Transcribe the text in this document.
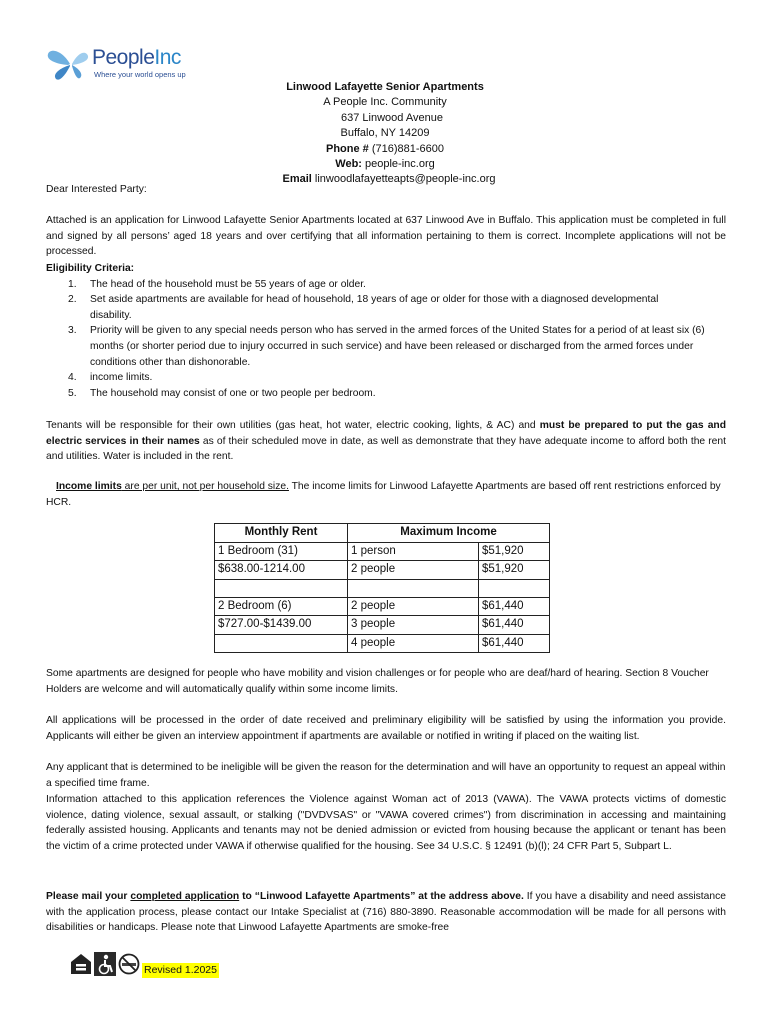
PeopleInc
Where your world opens up
Linwood Lafayette Senior Apartments
A People Inc. Community
637 Linwood Avenue
Buffalo, NY 14209
Phone # (716)881-6600
Web: people-inc.org
Email linwoodlafayetteapts@people-inc.org
Dear Interested Party:
Attached is an application for Linwood Lafayette Senior Apartments located at 637 Linwood Ave in Buffalo. This application must be completed in full and signed by all persons’ aged 18 years and over certifying that all information pertaining to them is correct. Incomplete applications will not be processed.
Eligibility Criteria:
1. The head of the household must be 55 years of age or older.
2. Set aside apartments are available for head of household, 18 years of age or older for those with a diagnosed developmental disability.
3. Priority will be given to any special needs person who has served in the armed forces of the United States for a period of at least six (6) months (or shorter period due to injury occurred in such service) and have been released or discharged from the armed forces under conditions other than dishonorable.
4. income limits.
5. The household may consist of one or two people per bedroom.
Tenants will be responsible for their own utilities (gas heat, hot water, electric cooking, lights, & AC) and must be prepared to put the gas and electric services in their names as of their scheduled move in date, as well as demonstrate that they have adequate income to afford both the rent and utilities. Water is included in the rent.
Income limits are per unit, not per household size. The income limits for Linwood Lafayette Apartments are based off rent restrictions enforced by HCR.
Monthly Rent	Maximum Income	
1 Bedroom (31)	1 person	$51,920
$638.00-1214.00	2 people	$51,920

2 Bedroom (6)	2 people	$61,440
$727.00-$1439.00	3 people	$61,440
	4 people	$61,440
Some apartments are designed for people who have mobility and vision challenges or for people who are deaf/hard of hearing. Section 8 Voucher Holders are welcome and will automatically qualify within some income limits.
All applications will be processed in the order of date received and preliminary eligibility will be satisfied by using the information you provide. Applicants will either be given an interview appointment if apartments are available or notified in writing if placed on the waiting list.
Any applicant that is determined to be ineligible will be given the reason for the determination and will have an opportunity to request an appeal within a specified time frame.
Information attached to this application references the Violence against Woman act of 2013 (VAWA). The VAWA protects victims of domestic violence, dating violence, sexual assault, or stalking ("DVDVSAS" or "VAWA covered crimes") from discrimination in accessing and maintaining federally assisted housing. Applicants and tenants may not be denied admission or evicted from housing because the applicant or tenant has been the victim of a crime protected under VAWA if otherwise qualified for the housing. See 34 U.S.C. § 12491 (b)(l); 24 CFR Part 5, Subpart L.
Please mail your completed application to “Linwood Lafayette Apartments” at the address above. If you have a disability and need assistance with the application process, please contact our Intake Specialist at (716) 880-3890. Reasonable accommodation will be made for all persons with disabilities or handicaps. Please note that Linwood Lafayette Apartments are smoke-free
Revised 1.2025
